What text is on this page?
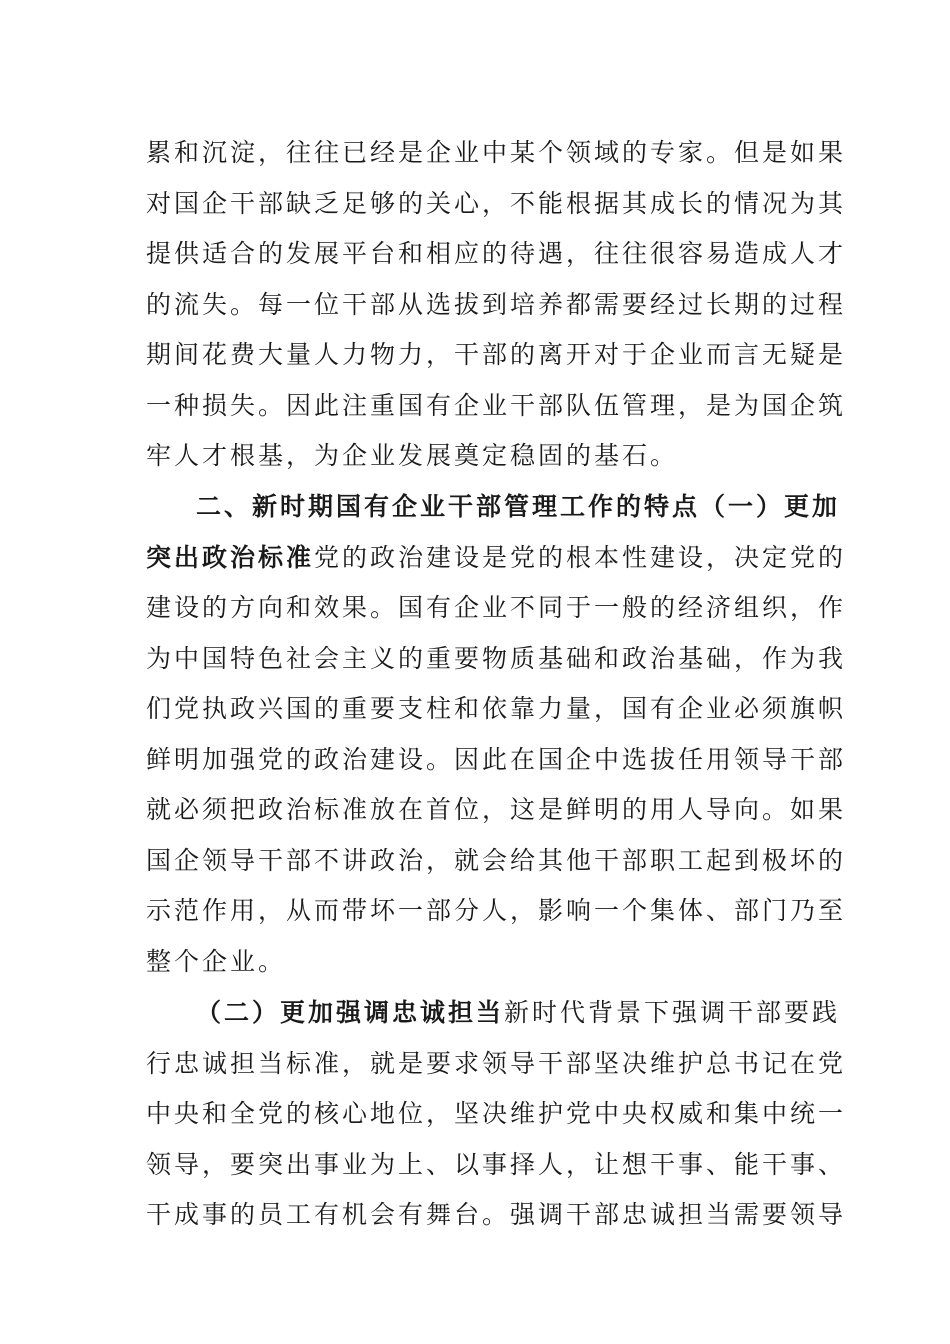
累和沉淀，往往已经是企业中某个领域的专家。但是如果
对国企干部缺乏足够的关心，不能根据其成长的情况为其
提供适合的发展平台和相应的待遇，往往很容易造成人才
的流失。每一位干部从选拔到培养都需要经过长期的过程
期间花费大量人力物力，干部的离开对于企业而言无疑是
一种损失。因此注重国有企业干部队伍管理，是为国企筑
牢人才根基，为企业发展奠定稳固的基石。
二、新时期国有企业干部管理工作的特点（一）更加
突出政治标准党的政治建设是党的根本性建设，决定党的
建设的方向和效果。国有企业不同于一般的经济组织，作
为中国特色社会主义的重要物质基础和政治基础，作为我
们党执政兴国的重要支柱和依靠力量，国有企业必须旗帜
鲜明加强党的政治建设。因此在国企中选拔任用领导干部
就必须把政治标准放在首位，这是鲜明的用人导向。如果
国企领导干部不讲政治，就会给其他干部职工起到极坏的
示范作用，从而带坏一部分人，影响一个集体、部门乃至
整个企业。
（二）更加强调忠诚担当新时代背景下强调干部要践
行忠诚担当标准，就是要求领导干部坚决维护总书记在党
中央和全党的核心地位，坚决维护党中央权威和集中统一
领导，要突出事业为上、以事择人，让想干事、能干事、
干成事的员工有机会有舞台。强调干部忠诚担当需要领导
